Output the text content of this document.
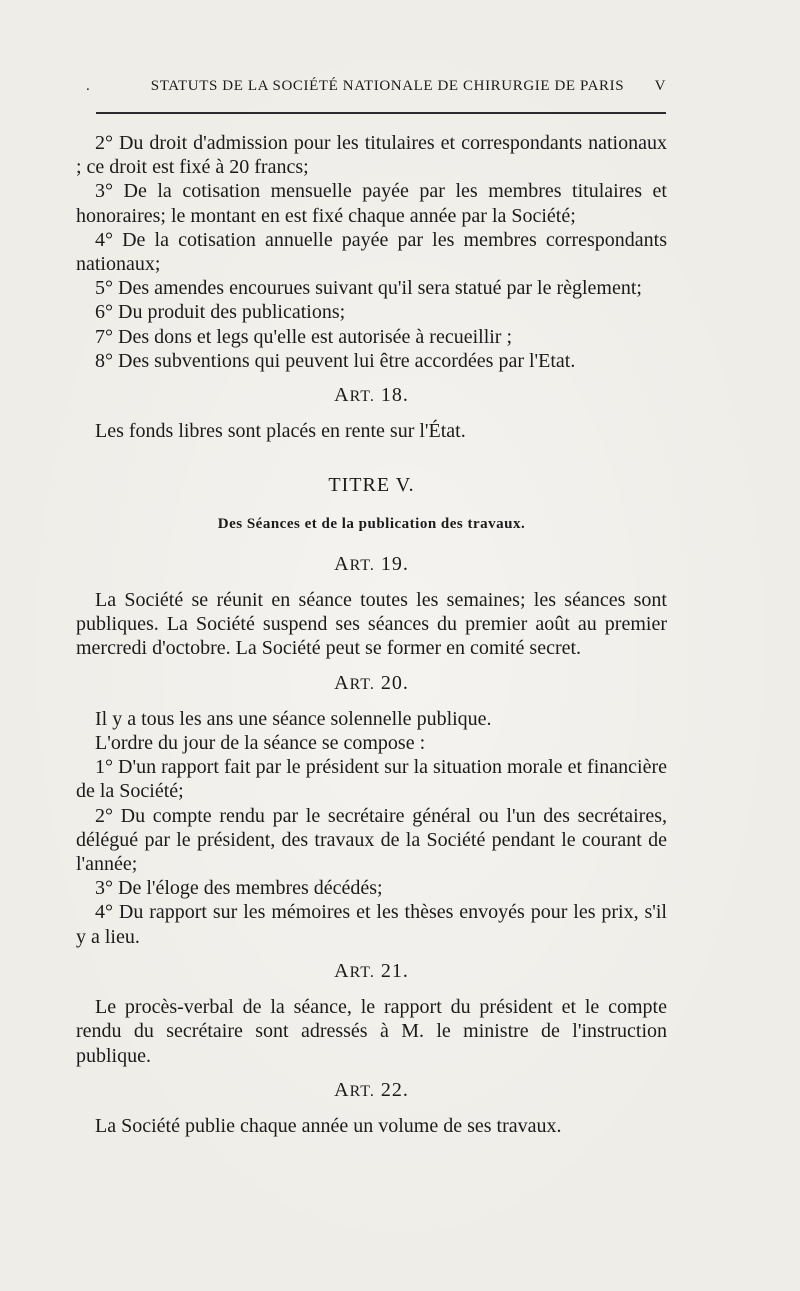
.	STATUTS DE LA SOCIÉTÉ NATIONALE DE CHIRURGIE DE PARIS V

2° Du droit d'admission pour les titulaires et correspondants nationaux ; ce droit est fixé à 20 francs;

3° De la cotisation mensuelle payée par les membres titulaires et honoraires; le montant en est fixé chaque année par la Société;

4° De la cotisation annuelle payée par les membres correspondants nationaux;

5° Des amendes encourues suivant qu'il sera statué par le règlement;

6° Du produit des publications;

7° Des dons et legs qu'elle est autorisée à recueillir ;

8° Des subventions qui peuvent lui être accordées par l'Etat.

ART. 18.

Les fonds libres sont placés en rente sur l'État.

TITRE V.

Des Séances et de la publication des travaux.

ART. 19.

La Société se réunit en séance toutes les semaines; les séances sont publiques. La Société suspend ses séances du premier août au premier mercredi d'octobre. La Société peut se former en comité secret.

ART. 20.

Il y a tous les ans une séance solennelle publique.

L'ordre du jour de la séance se compose :

1° D'un rapport fait par le président sur la situation morale et financière de la Société;

2° Du compte rendu par le secrétaire général ou l'un des secrétaires, délégué par le président, des travaux de la Société pendant le courant de l'année;

3° De l'éloge des membres décédés;

4° Du rapport sur les mémoires et les thèses envoyés pour les prix, s'il y a lieu.

ART. 21.

Le procès-verbal de la séance, le rapport du président et le compte rendu du secrétaire sont adressés à M. le ministre de l'instruction publique.

ART. 22.

La Société publie chaque année un volume de ses travaux.
